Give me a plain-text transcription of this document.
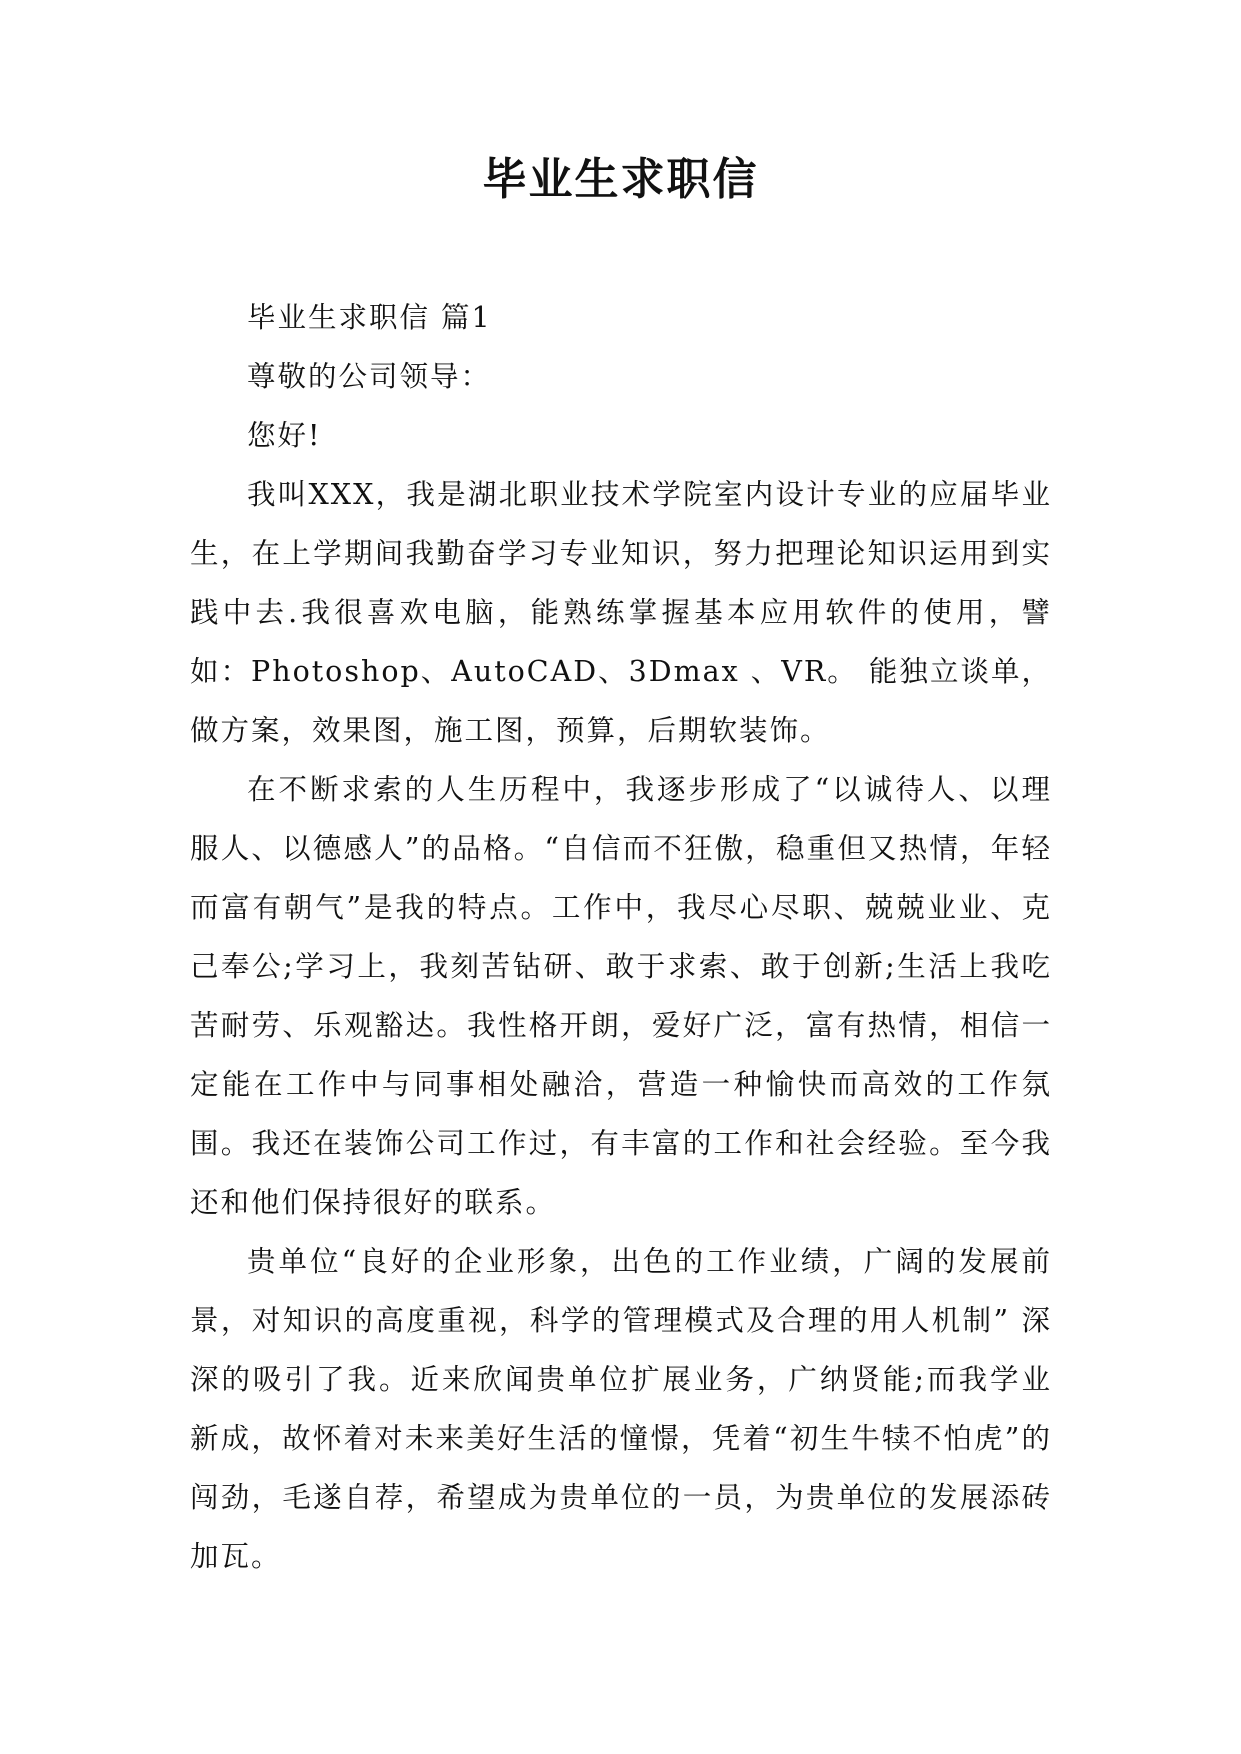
毕业生求职信

毕业生求职信 篇1

尊敬的公司领导：

您好!

我叫XXX，我是湖北职业技术学院室内设计专业的应届毕业生，在上学期间我勤奋学习专业知识，努力把理论知识运用到实践中去.我很喜欢电脑，能熟练掌握基本应用软件的使用，譬如：Photoshop、AutoCAD、3Dmax 、VR。 能独立谈单，做方案，效果图，施工图，预算，后期软装饰。

在不断求索的人生历程中，我逐步形成了“以诚待人、以理服人、以德感人”的品格。“自信而不狂傲，稳重但又热情，年轻而富有朝气”是我的特点。工作中，我尽心尽职、兢兢业业、克己奉公;学习上，我刻苦钻研、敢于求索、敢于创新;生活上我吃苦耐劳、乐观豁达。我性格开朗，爱好广泛，富有热情，相信一定能在工作中与同事相处融洽，营造一种愉快而高效的工作氛围。我还在装饰公司工作过，有丰富的工作和社会经验。至今我还和他们保持很好的联系。

贵单位“良好的企业形象，出色的工作业绩，广阔的发展前景，对知识的高度重视，科学的管理模式及合理的用人机制” 深深的吸引了我。近来欣闻贵单位扩展业务，广纳贤能;而我学业新成，故怀着对未来美好生活的憧憬，凭着“初生牛犊不怕虎”的闯劲，毛遂自荐，希望成为贵单位的一员，为贵单位的发展添砖加瓦。
